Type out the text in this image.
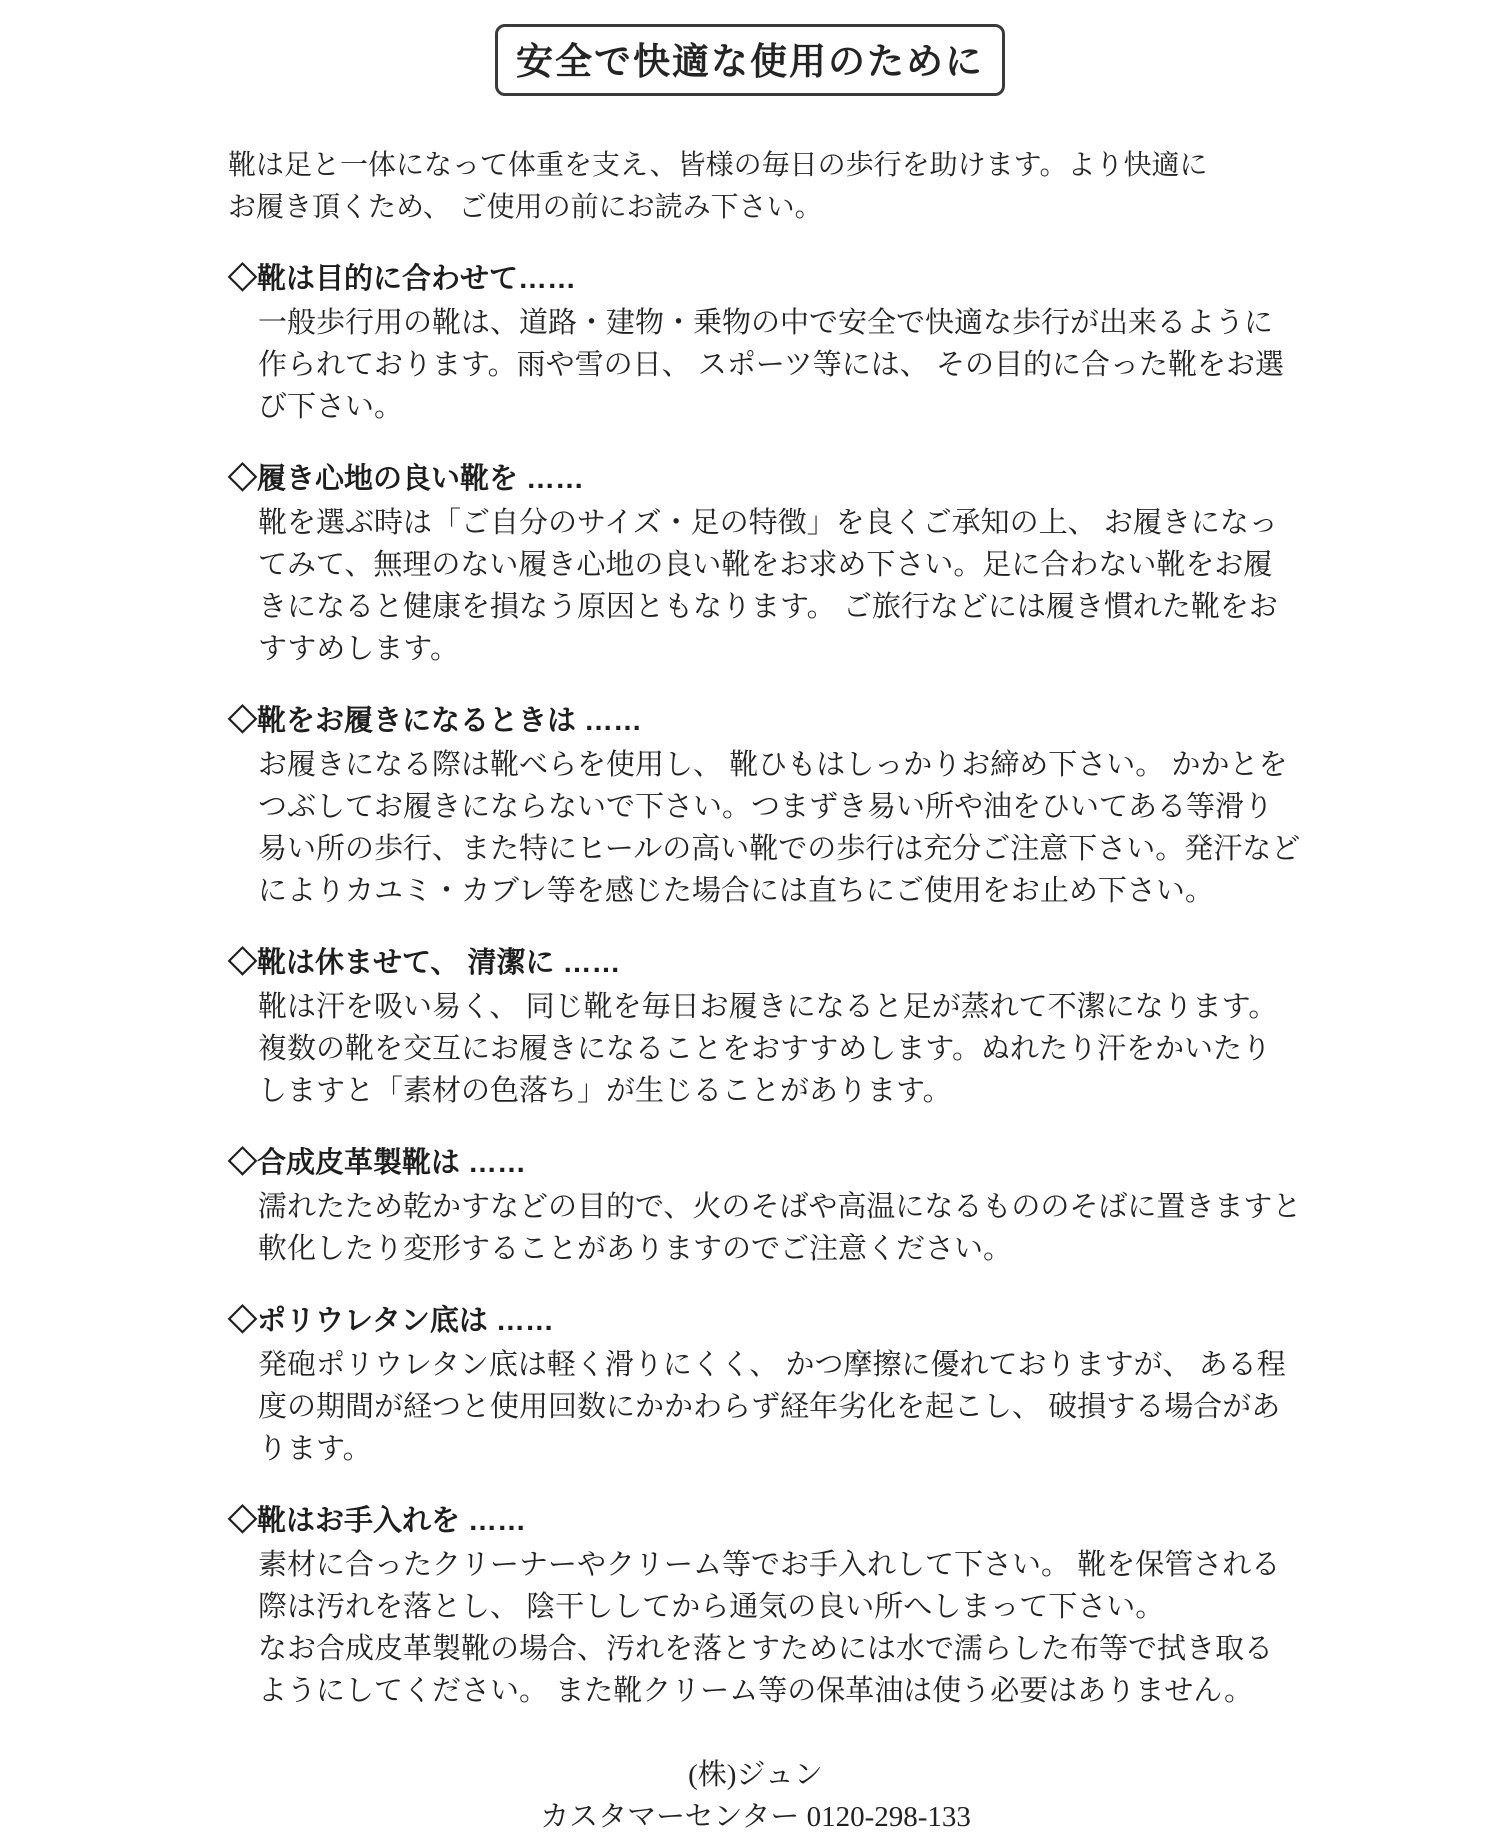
安全で快適な使用のために
靴は足と一体になって体重を支え、皆様の毎日の歩行を助けます。より快適に
お履き頂くため、 ご使用の前にお読み下さい。
◇靴は目的に合わせて……
一般歩行用の靴は、道路・建物・乗物の中で安全で快適な歩行が出来るように
作られております。雨や雪の日、 スポーツ等には、 その目的に合った靴をお選
び下さい。
◇履き心地の良い靴を ……
靴を選ぶ時は「ご自分のサイズ・足の特徴」を良くご承知の上、 お履きになっ
てみて、無理のない履き心地の良い靴をお求め下さい。足に合わない靴をお履
きになると健康を損なう原因ともなります。 ご旅行などには履き慣れた靴をお
すすめします。
◇靴をお履きになるときは ……
お履きになる際は靴べらを使用し、 靴ひもはしっかりお締め下さい。 かかとを
つぶしてお履きにならないで下さい。つまずき易い所や油をひいてある等滑り
易い所の歩行、また特にヒールの高い靴での歩行は充分ご注意下さい。発汗など
によりカユミ・カブレ等を感じた場合には直ちにご使用をお止め下さい。
◇靴は休ませて、 清潔に ……
靴は汗を吸い易く、 同じ靴を毎日お履きになると足が蒸れて不潔になります。
複数の靴を交互にお履きになることをおすすめします。ぬれたり汗をかいたり
しますと「素材の色落ち」が生じることがあります。
◇合成皮革製靴は ……
濡れたため乾かすなどの目的で、火のそばや高温になるもののそばに置きますと
軟化したり変形することがありますのでご注意ください。
◇ポリウレタン底は ……
発砲ポリウレタン底は軽く滑りにくく、 かつ摩擦に優れておりますが、 ある程
度の期間が経つと使用回数にかかわらず経年劣化を起こし、 破損する場合があ
ります。
◇靴はお手入れを ……
素材に合ったクリーナーやクリーム等でお手入れして下さい。 靴を保管される
際は汚れを落とし、 陰干ししてから通気の良い所へしまって下さい。
なお合成皮革製靴の場合、汚れを落とすためには水で濡らした布等で拭き取る
ようにしてください。 また靴クリーム等の保革油は使う必要はありません。
(株)ジュン
カスタマーセンター 0120-298-133
